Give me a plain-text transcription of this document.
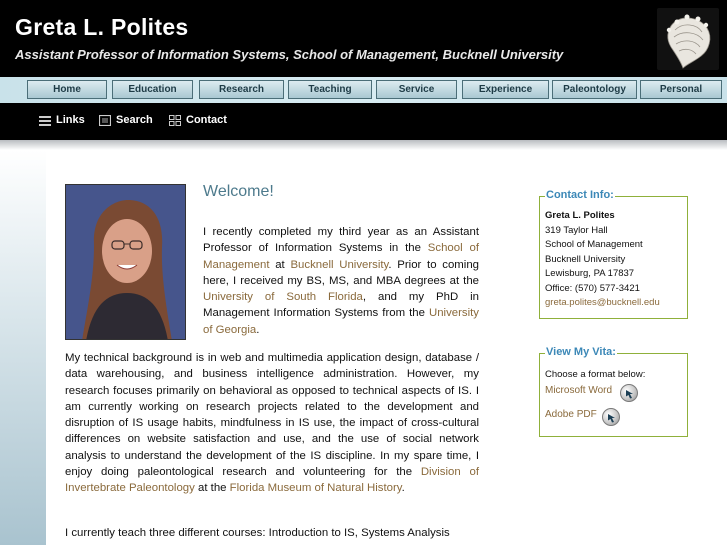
Greta L. Polites
Assistant Professor of Information Systems, School of Management, Bucknell University
Home	Education	Research	Teaching	Service	Experience	Paleontology	Personal
Links	Search	Contact
Welcome!
I recently completed my third year as an Assistant Professor of Information Systems in the School of Management at Bucknell University. Prior to coming here, I received my BS, MS, and MBA degrees at the University of South Florida, and my PhD in Management Information Systems from the University of Georgia.
My technical background is in web and multimedia application design, database / data warehousing, and business intelligence administration. However, my research focuses primarily on behavioral as opposed to technical aspects of IS. I am currently working on research projects related to the development and disruption of IS usage habits, mindfulness in IS use, the impact of cross-cultural differences on website satisfaction and use, and the use of social network analysis to understand the development of the IS discipline. In my spare time, I enjoy doing paleontological research and volunteering for the Division of Invertebrate Paleontology at the Florida Museum of Natural History.
I currently teach three different courses: Introduction to IS, Systems Analysis
Contact Info:
Greta L. Polites
319 Taylor Hall
School of Management
Bucknell University
Lewisburg, PA 17837
Office: (570) 577-3421
greta.polites@bucknell.edu
View My Vita:
Choose a format below:
Microsoft Word
Adobe PDF
